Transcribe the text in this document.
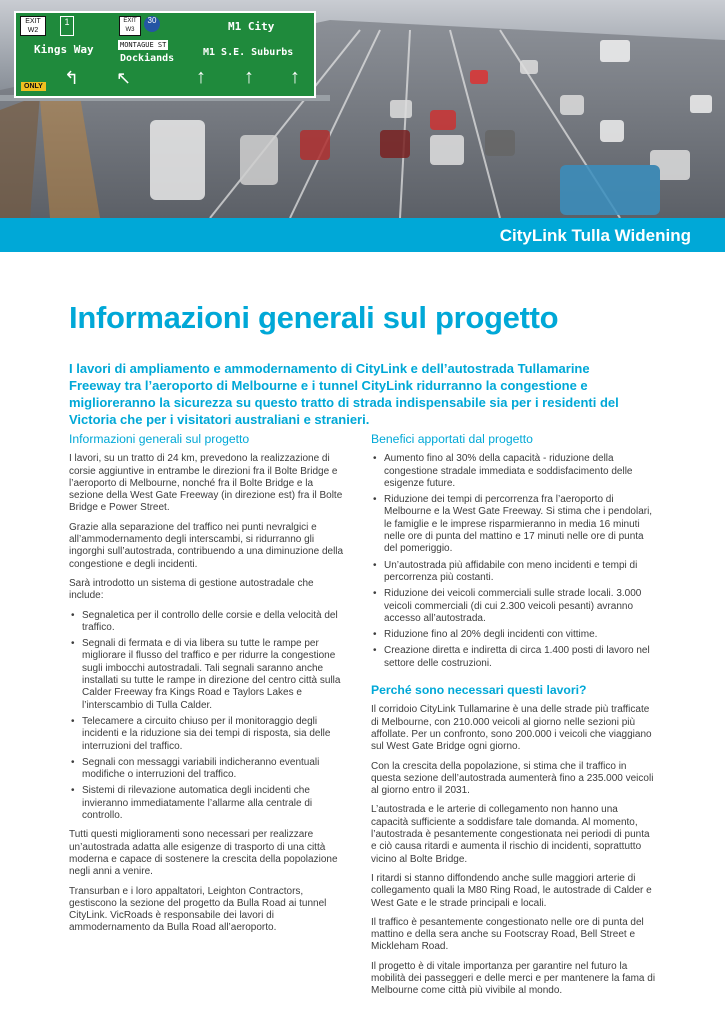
EXIT W2
1	EXIT W3
30
Kings Way	MONTAGUE ST
Dockiands
M1 City
M1 S.E. Suburbs
ONLY ↰ ↖	↑ ↑ ↑
CityLink Tulla Widening
Informazioni generali sul progetto

I lavori di ampliamento e ammodernamento di CityLink e dell’autostrada Tullamarine Freeway tra l’aeroporto di Melbourne e i tunnel CityLink ridurranno la congestione e miglioreranno la sicurezza su questo tratto di strada indispensabile sia per i residenti del Victoria che per i visitatori australiani e stranieri.

Informazioni generali sul progetto

I lavori, su un tratto di 24 km, prevedono la realizzazione di corsie aggiuntive in entrambe le direzioni fra il Bolte Bridge e l’aeroporto di Melbourne, nonché fra il Bolte Bridge e la sezione della West Gate Freeway (in direzione est) fra il Bolte Bridge e Power Street.

Grazie alla separazione del traffico nei punti nevralgici e all’ammodernamento degli interscambi, si ridurranno gli ingorghi sull’autostrada, contribuendo a una diminuzione della congestione e degli incidenti.

Sarà introdotto un sistema di gestione autostradale che include:

• Segnaletica per il controllo delle corsie e della velocità del traffico.
• Segnali di fermata e di via libera su tutte le rampe per migliorare il flusso del traffico e per ridurre la congestione sugli imbocchi autostradali. Tali segnali saranno anche installati su tutte le rampe in direzione del centro città sulla Calder Freeway fra Kings Road e Taylors Lakes e l’interscambio di Tulla Calder.
• Telecamere a circuito chiuso per il monitoraggio degli incidenti e la riduzione sia dei tempi di risposta, sia delle interruzioni del traffico.
• Segnali con messaggi variabili indicheranno eventuali modifiche o interruzioni del traffico.
• Sistemi di rilevazione automatica degli incidenti che invieranno immediatamente l’allarme alla centrale di controllo.

Tutti questi miglioramenti sono necessari per realizzare un’autostrada adatta alle esigenze di trasporto di una città moderna e capace di sostenere la crescita della popolazione negli anni a venire.

Transurban e i loro appaltatori, Leighton Contractors, gestiscono la sezione del progetto da Bulla Road ai tunnel CityLink. VicRoads è responsabile dei lavori di ammodernamento da Bulla Road all’aeroporto.

Benefici apportati dal progetto
• Aumento fino al 30% della capacità - riduzione della congestione stradale immediata e soddisfacimento delle esigenze future.
• Riduzione dei tempi di percorrenza fra l’aeroporto di Melbourne e la West Gate Freeway. Si stima che i pendolari, le famiglie e le imprese risparmieranno in media 16 minuti nelle ore di punta del mattino e 17 minuti nelle ore di punta del pomeriggio.
• Un’autostrada più affidabile con meno incidenti e tempi di percorrenza più costanti.
• Riduzione dei veicoli commerciali sulle strade locali. 3.000 veicoli commerciali (di cui 2.300 veicoli pesanti) avranno accesso all’autostrada.
• Riduzione fino al 20% degli incidenti con vittime.
• Creazione diretta e indiretta di circa 1.400 posti di lavoro nel settore delle costruzioni.
Perché sono necessari questi lavori?

Il corridoio CityLink Tullamarine è una delle strade più trafficate di Melbourne, con 210.000 veicoli al giorno nelle sezioni più affollate. Per un confronto, sono 200.000 i veicoli che viaggiano sul West Gate Bridge ogni giorno.

Con la crescita della popolazione, si stima che il traffico in questa sezione dell’autostrada aumenterà fino a 235.000 veicoli al giorno entro il 2031.

L’autostrada e le arterie di collegamento non hanno una capacità sufficiente a soddisfare tale domanda. Al momento, l’autostrada è pesantemente congestionata nei periodi di punta e ciò causa ritardi e aumenta il rischio di incidenti, soprattutto vicino al Bolte Bridge.

I ritardi si stanno diffondendo anche sulle maggiori arterie di collegamento quali la M80 Ring Road, le autostrade di Calder e West Gate e le strade principali e locali.

Il traffico è pesantemente congestionato nelle ore di punta del mattino e della sera anche su Footscray Road, Bell Street e Mickleham Road.

Il progetto è di vitale importanza per garantire nel futuro la mobilità dei passeggeri e delle merci e per mantenere la fama di Melbourne come città più vivibile al mondo.
